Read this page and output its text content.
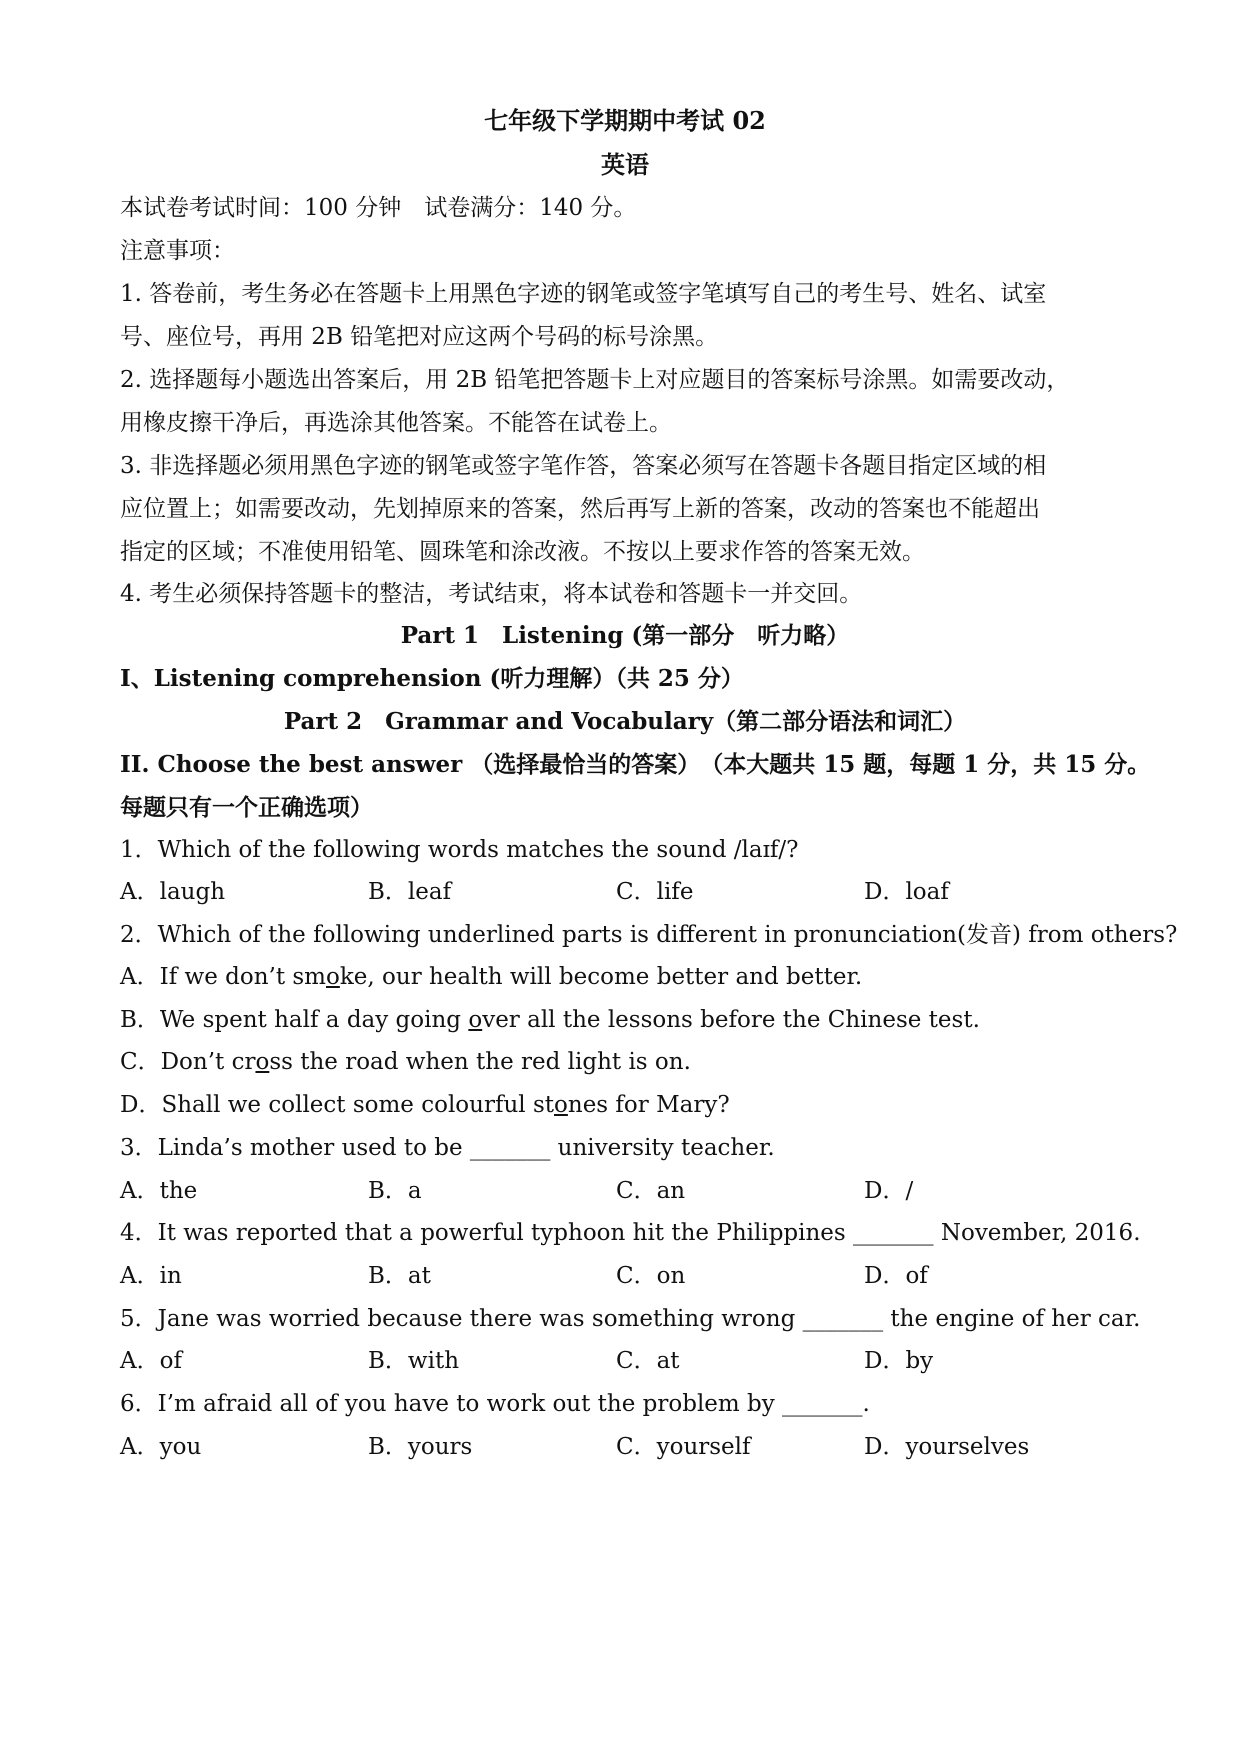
七年级下学期期中考试 02
英语
本试卷考试时间：100 分钟　试卷满分：140 分。
注意事项：
1. 答卷前，考生务必在答题卡上用黑色字迹的钢笔或签字笔填写自己的考生号、姓名、试室
号、座位号，再用 2B 铅笔把对应这两个号码的标号涂黑。
2. 选择题每小题选出答案后，用 2B 铅笔把答题卡上对应题目的答案标号涂黑。如需要改动，
用橡皮擦干净后，再选涂其他答案。不能答在试卷上。
3. 非选择题必须用黑色字迹的钢笔或签字笔作答，答案必须写在答题卡各题目指定区域的相
应位置上；如需要改动，先划掉原来的答案，然后再写上新的答案，改动的答案也不能超出
指定的区域；不准使用铅笔、圆珠笔和涂改液。不按以上要求作答的答案无效。
4. 考生必须保持答题卡的整洁，考试结束，将本试卷和答题卡一并交回。
Part 1　Listening (第一部分　听力略）
I、Listening comprehension (听力理解）（共 25 分）
Part 2　Grammar and Vocabulary（第二部分语法和词汇）
II. Choose the best answer （选择最恰当的答案）　（本大题共 15 题，每题 1 分，共 15 分。
每题只有一个正确选项）
1．Which of the following words matches the sound /laɪf/?
A．laugh	B．leaf	C．life	D．loaf
2．Which of the following underlined parts is different in pronunciation(发音) from others?
A．If we don’t smoke, our health will become better and better.
B．We spent half a day going over all the lessons before the Chinese test.
C．Don’t cross the road when the red light is on.
D．Shall we collect some colourful stones for Mary?
3．Linda’s mother used to be _______ university teacher.
A．the	B．a	C．an	D．/
4．It was reported that a powerful typhoon hit the Philippines _______ November, 2016.
A．in	B．at	C．on	D．of
5．Jane was worried because there was something wrong _______ the engine of her car.
A．of	B．with	C．at	D．by
6．I’m afraid all of you have to work out the problem by _______.
A．you	B．yours	C．yourself	D．yourselves
